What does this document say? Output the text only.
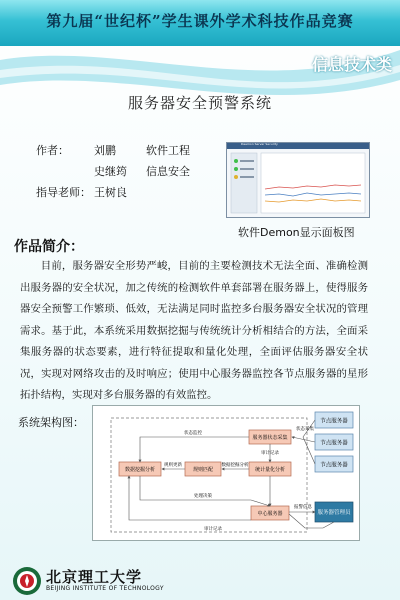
第九届“世纪杯”学生课外学术科技作品竞赛
信息技术类
服务器安全预警系统
作者：	刘鹏	软件工程
史继筠	信息安全
指导老师： 王树良
Daemon Server Security
软件Demon显示面板图
作品简介：
目前，服务器安全形势严峻，目前的主要检测技术无法全面、准确检测出服务器的安全状况，加之传统的检测软件单套部署在服务器上，使得服务器安全预警工作繁琐、低效，无法满足同时监控多台服务器安全状况的管理需求。基于此，本系统采用数据挖掘与传统统计分析相结合的方法，全面采集服务器的状态要素，进行特征提取和量化处理，全面评估服务器安全状况，实现对网络攻击的及时响应；使用中心服务器监控各节点服务器的星形拓扑结构，实现对多台服务器的有效监控。
系统架构图：	节点服务器
节点服务器
节点服务器
服务器状态采集
数据挖掘分析	规则匹配	统计量化分析
中心服务器	服务器管理员
审计记录
状态监控
状态采集
数据挖掘分析
规则更新
报警信息
处理决策
审计记录
北京理工大学
BEIJING INSTITUTE OF TECHNOLOGY
